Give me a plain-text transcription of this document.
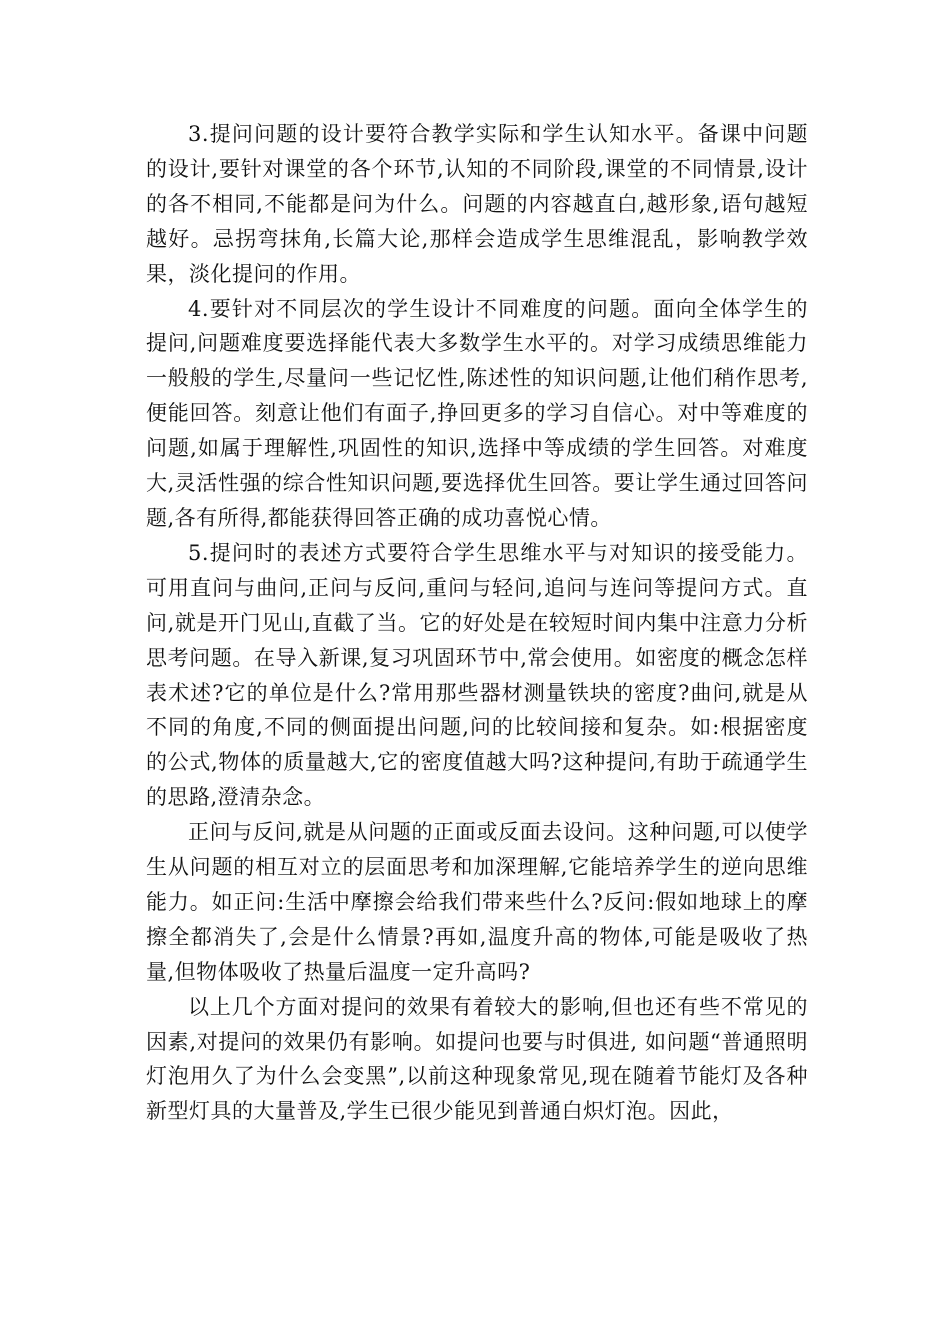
3.提问问题的设计要符合教学实际和学生认知水平。备课中问题的设计,要针对课堂的各个环节,认知的不同阶段,课堂的不同情景,设计的各不相同,不能都是问为什么。问题的内容越直白,越形象,语句越短越好。忌拐弯抹角,长篇大论,那样会造成学生思维混乱，影响教学效果，淡化提问的作用。

4.要针对不同层次的学生设计不同难度的问题。面向全体学生的提问,问题难度要选择能代表大多数学生水平的。对学习成绩思维能力一般般的学生,尽量问一些记忆性,陈述性的知识问题,让他们稍作思考,便能回答。刻意让他们有面子,挣回更多的学习自信心。对中等难度的问题,如属于理解性,巩固性的知识,选择中等成绩的学生回答。对难度大,灵活性强的综合性知识问题,要选择优生回答。要让学生通过回答问题,各有所得,都能获得回答正确的成功喜悦心情。

5.提问时的表述方式要符合学生思维水平与对知识的接受能力。可用直问与曲问,正问与反问,重问与轻问,追问与连问等提问方式。直问,就是开门见山,直截了当。它的好处是在较短时间内集中注意力分析思考问题。在导入新课,复习巩固环节中,常会使用。如密度的概念怎样表术述?它的单位是什么?常用那些器材测量铁块的密度?曲问,就是从不同的角度,不同的侧面提出问题,问的比较间接和复杂。如:根据密度的公式,物体的质量越大,它的密度值越大吗?这种提问,有助于疏通学生的思路,澄清杂念。

正问与反问,就是从问题的正面或反面去设问。这种问题,可以使学生从问题的相互对立的层面思考和加深理解,它能培养学生的逆向思维能力。如正问:生活中摩擦会给我们带来些什么?反问:假如地球上的摩擦全都消失了,会是什么情景?再如,温度升高的物体,可能是吸收了热量,但物体吸收了热量后温度一定升高吗?

以上几个方面对提问的效果有着较大的影响,但也还有些不常见的因素,对提问的效果仍有影响。如提问也要与时俱进, 如问题“普通照明灯泡用久了为什么会变黑”,以前这种现象常见,现在随着节能灯及各种新型灯具的大量普及,学生已很少能见到普通白炽灯泡。因此，
